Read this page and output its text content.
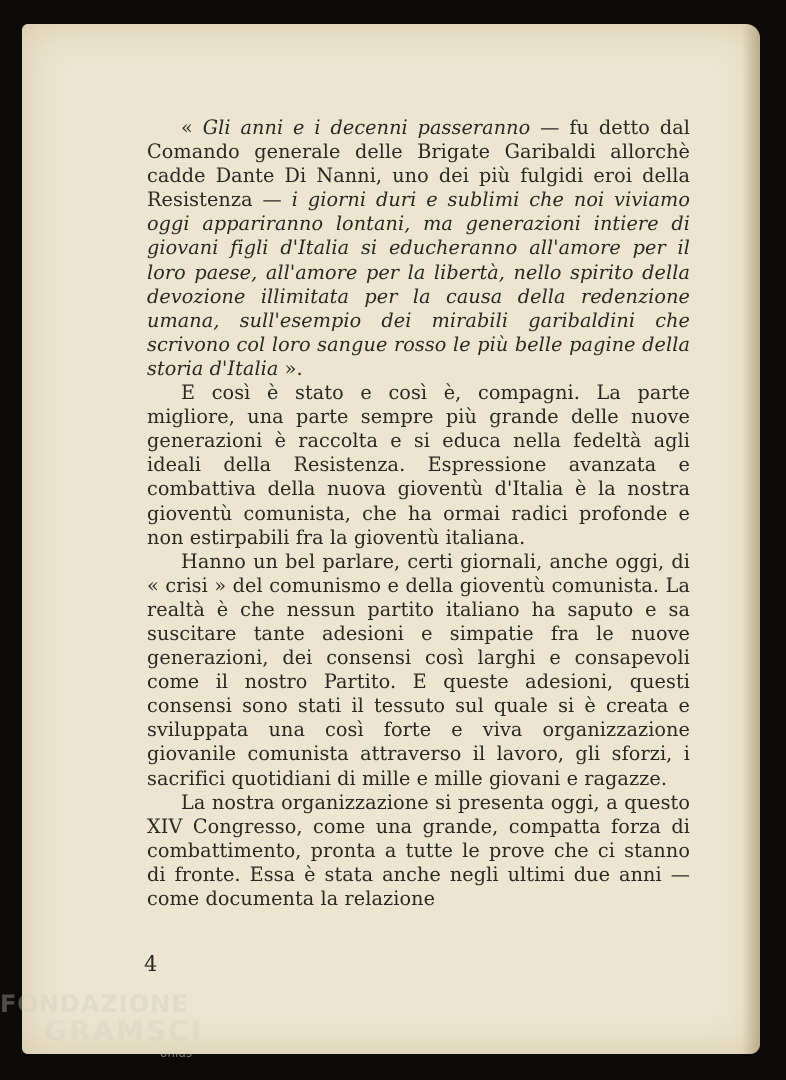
« Gli anni e i decenni passeranno — fu detto dal Comando generale delle Brigate Garibaldi allorchè cadde Dante Di Nanni, uno dei più fulgidi eroi della Resistenza — i giorni duri e sublimi che noi viviamo oggi appariranno lontani, ma generazioni intiere di giovani figli d'Italia si educheranno all'amore per il loro paese, all'amore per la libertà, nello spirito della devozione illimitata per la causa della redenzione umana, sull'esempio dei mirabili garibaldini che scrivono col loro sangue rosso le più belle pagine della storia d'Italia ».

E così è stato e così è, compagni. La parte migliore, una parte sempre più grande delle nuove generazioni è raccolta e si educa nella fedeltà agli ideali della Resistenza. Espressione avanzata e combattiva della nuova gioventù d'Italia è la nostra gioventù comunista, che ha ormai radici profonde e non estirpabili fra la gioventù italiana.

Hanno un bel parlare, certi giornali, anche oggi, di « crisi » del comunismo e della gioventù comunista. La realtà è che nessun partito italiano ha saputo e sa suscitare tante adesioni e simpatie fra le nuove generazioni, dei consensi così larghi e consapevoli come il nostro Partito. E queste adesioni, questi consensi sono stati il tessuto sul quale si è creata e sviluppata una così forte e viva organizzazione giovanile comunista attraverso il lavoro, gli sforzi, i sacrifici quotidiani di mille e mille giovani e ragazze.

La nostra organizzazione si presenta oggi, a questo XIV Congresso, come una grande, compatta forza di combattimento, pronta a tutte le prove che ci stanno di fronte. Essa è stata anche negli ultimi due anni — come documenta la relazione

4
FONDAZIONE
GRAMSCI
onlus
